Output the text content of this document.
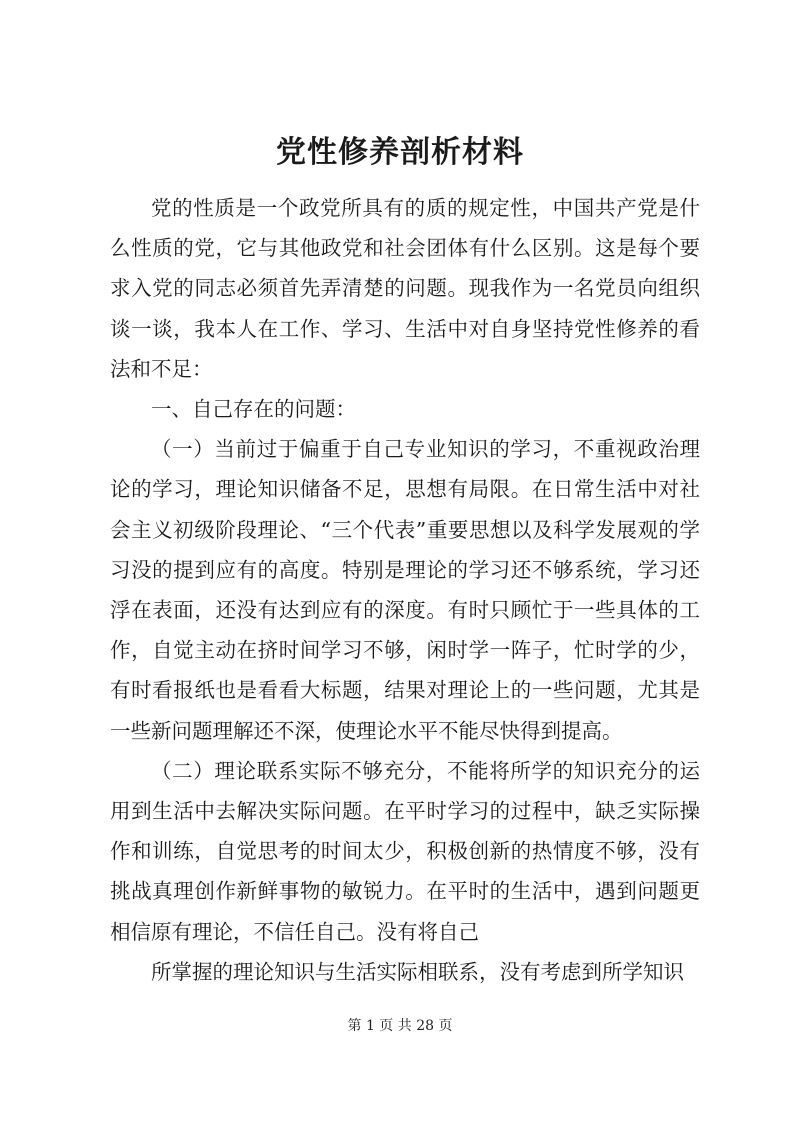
党性修养剖析材料

党的性质是一个政党所具有的质的规定性，中国共产党是什么性质的党，它与其他政党和社会团体有什么区别。这是每个要求入党的同志必须首先弄清楚的问题。现我作为一名党员向组织谈一谈，我本人在工作、学习、生活中对自身坚持党性修养的看法和不足：

一、自己存在的问题：

（一）当前过于偏重于自己专业知识的学习，不重视政治理论的学习，理论知识储备不足，思想有局限。在日常生活中对社会主义初级阶段理论、“三个代表”重要思想以及科学发展观的学习没的提到应有的高度。特别是理论的学习还不够系统，学习还浮在表面，还没有达到应有的深度。有时只顾忙于一些具体的工作，自觉主动在挤时间学习不够，闲时学一阵子，忙时学的少，有时看报纸也是看看大标题，结果对理论上的一些问题，尤其是一些新问题理解还不深，使理论水平不能尽快得到提高。

（二）理论联系实际不够充分，不能将所学的知识充分的运用到生活中去解决实际问题。在平时学习的过程中，缺乏实际操作和训练，自觉思考的时间太少，积极创新的热情度不够，没有挑战真理创作新鲜事物的敏锐力。在平时的生活中，遇到问题更相信原有理论，不信任自己。没有将自己

所掌握的理论知识与生活实际相联系，没有考虑到所学知识

第 1 页 共 28 页
